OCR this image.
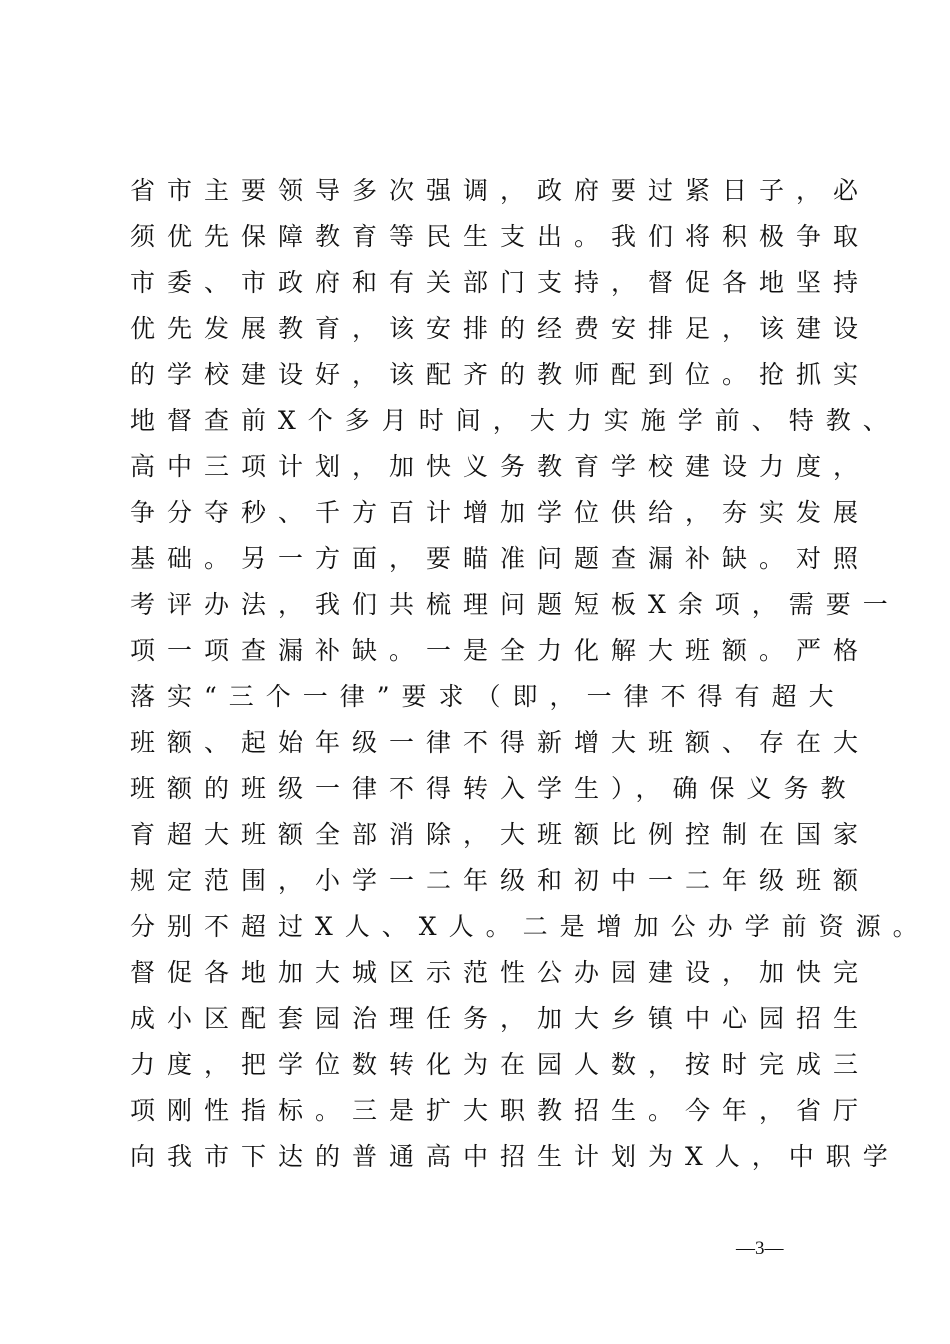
省市主要领导多次强调，政府要过紧日子，必
须优先保障教育等民生支出。我们将积极争取
市委、市政府和有关部门支持，督促各地坚持
优先发展教育，该安排的经费安排足，该建设
的学校建设好，该配齐的教师配到位。抢抓实
地督查前X个多月时间，大力实施学前、特教、
高中三项计划，加快义务教育学校建设力度，
争分夺秒、千方百计增加学位供给，夯实发展
基础。另一方面，要瞄准问题查漏补缺。对照
考评办法，我们共梳理问题短板X余项，需要一
项一项查漏补缺。一是全力化解大班额。严格
落实“三个一律”要求（即，一律不得有超大
班额、起始年级一律不得新增大班额、存在大
班额的班级一律不得转入学生），确保义务教
育超大班额全部消除，大班额比例控制在国家
规定范围，小学一二年级和初中一二年级班额
分别不超过X人、X人。二是增加公办学前资源。
督促各地加大城区示范性公办园建设，加快完
成小区配套园治理任务，加大乡镇中心园招生
力度，把学位数转化为在园人数，按时完成三
项刚性指标。三是扩大职教招生。今年，省厅
向我市下达的普通高中招生计划为X人，中职学
—3—
